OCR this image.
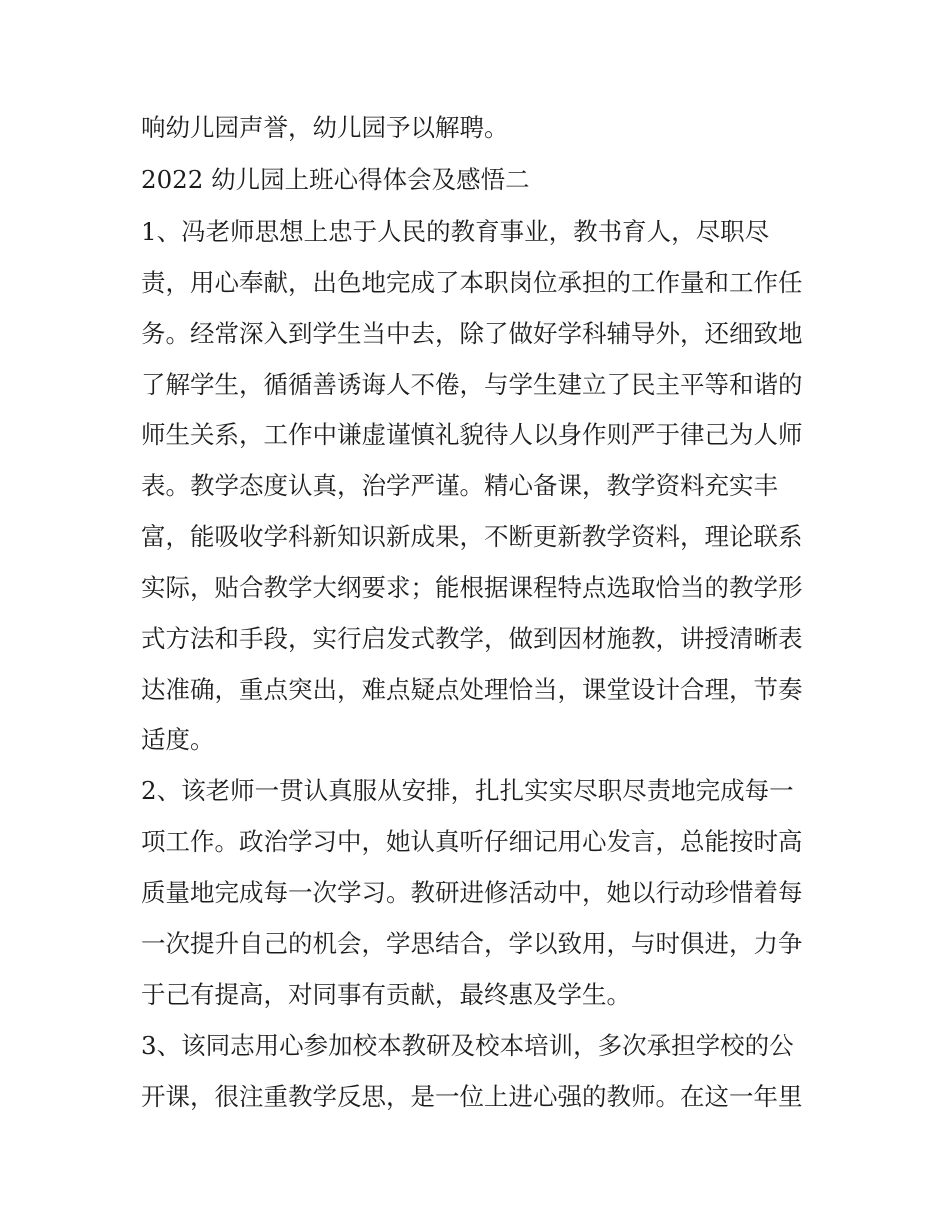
响幼儿园声誉，幼儿园予以解聘。
2022 幼儿园上班心得体会及感悟二
1、冯老师思想上忠于人民的教育事业，教书育人，尽职尽
责，用心奉献，出色地完成了本职岗位承担的工作量和工作任
务。经常深入到学生当中去，除了做好学科辅导外，还细致地
了解学生，循循善诱诲人不倦，与学生建立了民主平等和谐的
师生关系，工作中谦虚谨慎礼貌待人以身作则严于律己为人师
表。教学态度认真，治学严谨。精心备课，教学资料充实丰
富，能吸收学科新知识新成果，不断更新教学资料，理论联系
实际，贴合教学大纲要求；能根据课程特点选取恰当的教学形
式方法和手段，实行启发式教学，做到因材施教，讲授清晰表
达准确，重点突出，难点疑点处理恰当，课堂设计合理，节奏
适度。
2、该老师一贯认真服从安排，扎扎实实尽职尽责地完成每一
项工作。政治学习中，她认真听仔细记用心发言，总能按时高
质量地完成每一次学习。教研进修活动中，她以行动珍惜着每
一次提升自己的机会，学思结合，学以致用，与时俱进，力争
于己有提高，对同事有贡献，最终惠及学生。
3、该同志用心参加校本教研及校本培训，多次承担学校的公
开课，很注重教学反思，是一位上进心强的教师。在这一年里
